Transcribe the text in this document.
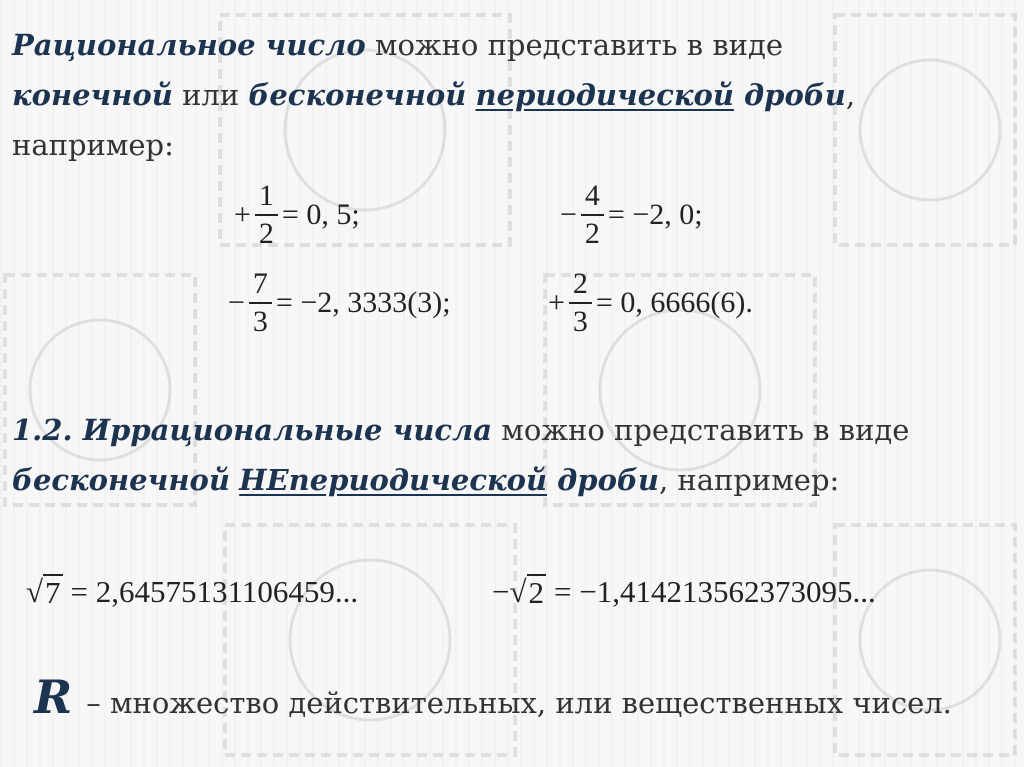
Рациональное число можно представить в виде
конечной или бесконечной периодической дроби,
например:
+ $\frac{1}{2} = 0$, 5;	− $\frac{4}{2} = -2$, 0;
− $\frac{7}{3} = -2$, 3333(3);	+ $\frac{2}{3} = 0$, 6666(6).
1.2. Иррациональные числа можно представить в виде
бесконечной НЕпериодической дроби, например:
√ 7 = 2,64575131106459...	− √ 2 = −1,414213562373095...
R – множество действительных, или вещественных чисел.
